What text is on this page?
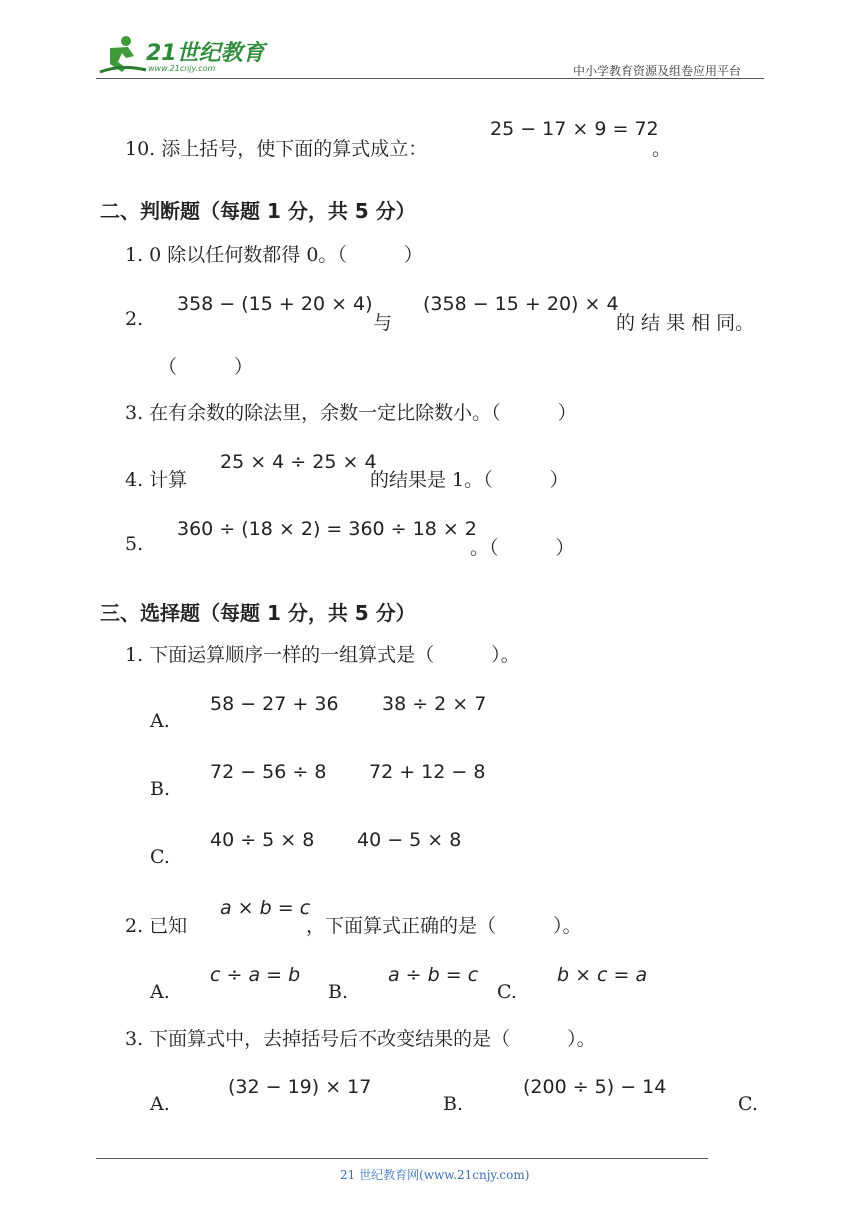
21世纪教育
www.21cnjy.com	中小学教育资源及组卷应用平台
10. 添上括号，使下面的算式成立：
25 − 17 × 9 = 72
。
二、判断题（每题 1 分，共 5 分）
1. 0 除以任何数都得 0。（　　　）
2.
358 − (15 + 20 × 4)
与
(358 − 15 + 20) × 4
的 结 果 相 同。
（　　　）
3. 在有余数的除法里，余数一定比除数小。（　　　）
4. 计算
25 × 4 ÷ 25 × 4
的结果是 1。（　　　）
5.
360 ÷ (18 × 2) = 360 ÷ 18 × 2
。（　　　）
三、选择题（每题 1 分，共 5 分）
1. 下面运算顺序一样的一组算式是（　　　）。
A.
58 − 27 + 36 38 ÷ 2 × 7
B.
72 − 56 ÷ 8 72 + 12 − 8
C.
40 ÷ 5 × 8 40 − 5 × 8
2. 已知
a × b = c
，下面算式正确的是（　　　）。
A.
c ÷ a = b
B.
a ÷ b = c
C.
b × c = a
3. 下面算式中，去掉括号后不改变结果的是（　　　）。
A.
(32 − 19) × 17
B.
(200 ÷ 5) − 14
C.
21 世纪教育网(www.21cnjy.com)
